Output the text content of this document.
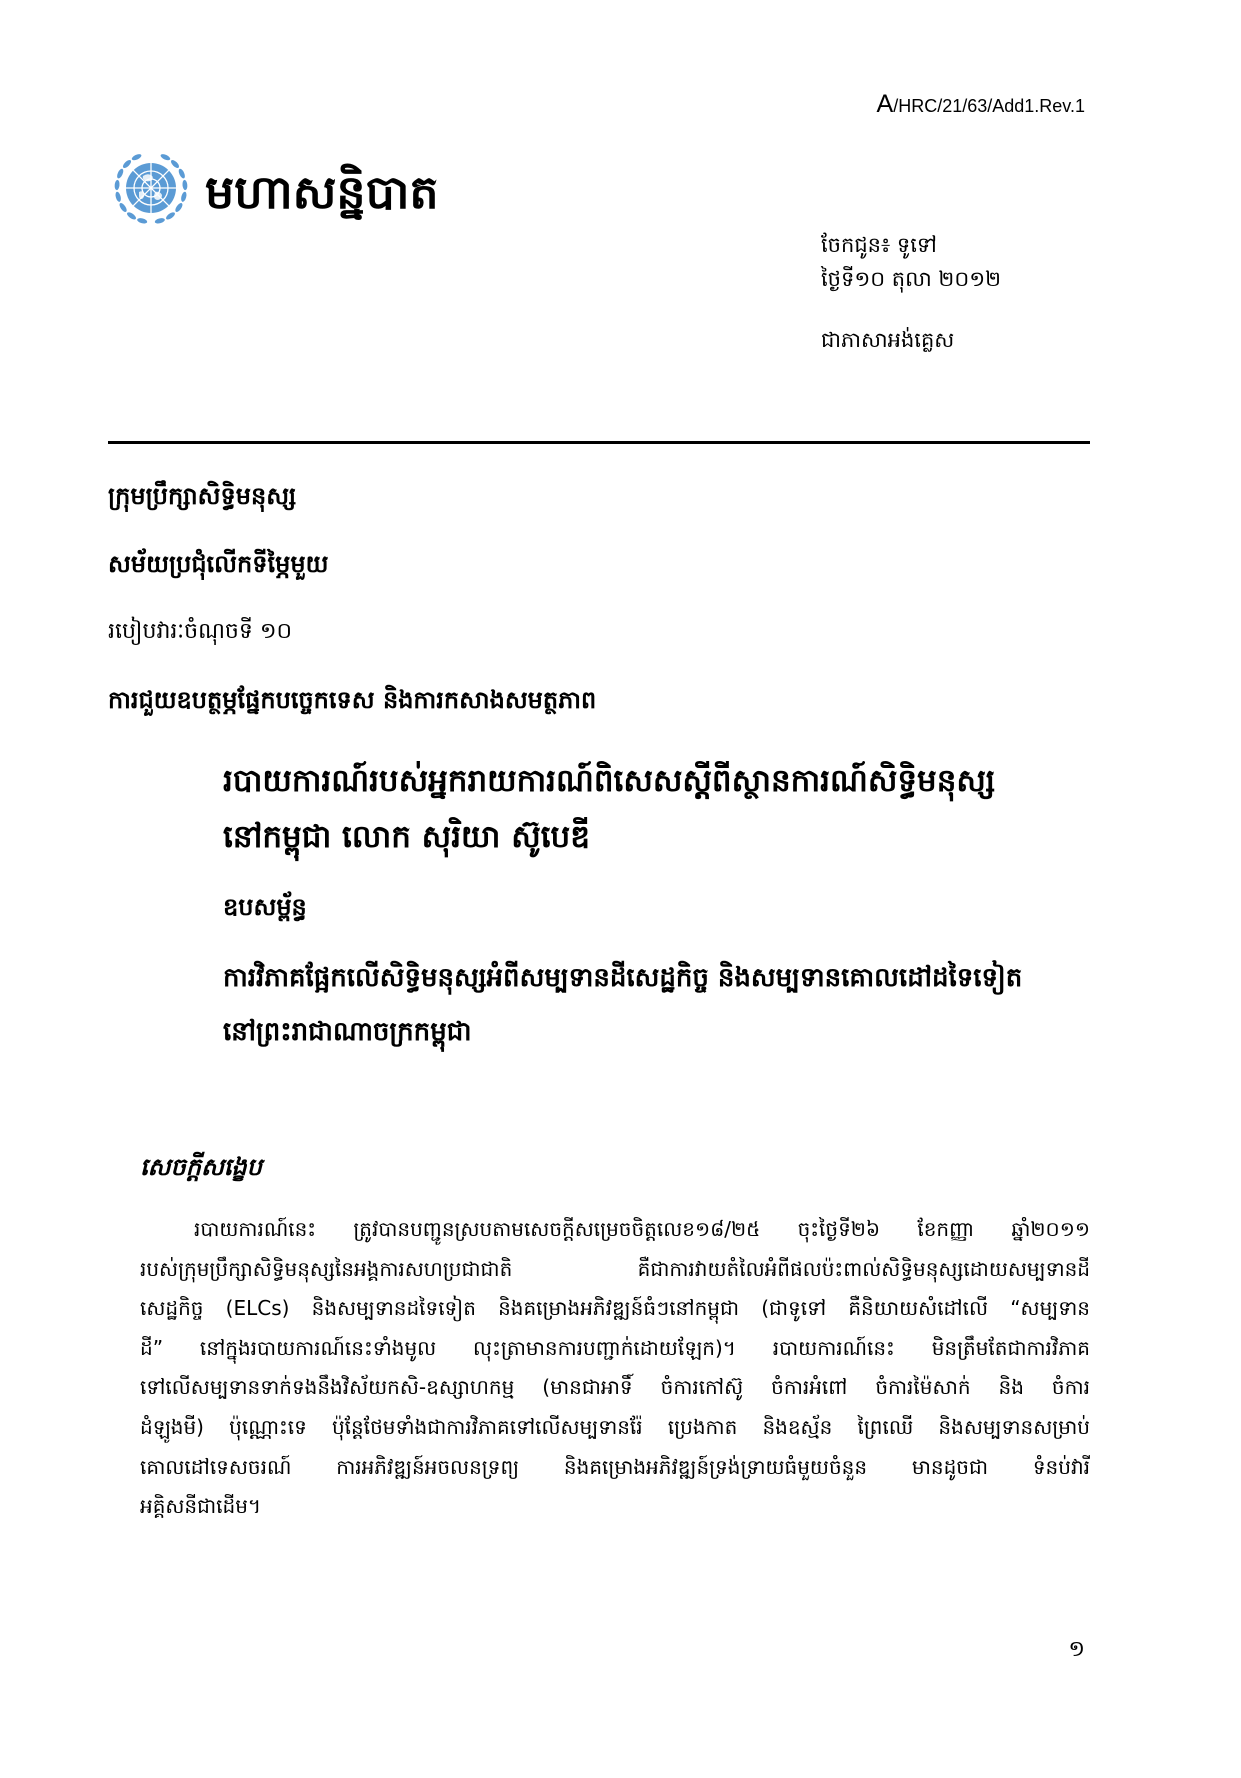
A/HRC/21/63/Add1.Rev.1
មហាសន្និបាត
ចែកជូន៖ ទូទៅ
ថ្ងៃទី១០ តុលា ២០១២
ជាភាសាអង់គ្លេស
ក្រុមប្រឹក្សាសិទ្ធិមនុស្ស
សម័យប្រជុំលើកទីម្ភៃមួយ
របៀបវារៈចំណុចទី ១០
ការជួយឧបត្ថម្ភផ្នែកបច្ចេកទេស និងការកសាងសមត្ថភាព
របាយការណ៍របស់អ្នករាយការណ៍ពិសេសស្តីពីស្ថានការណ៍សិទ្ធិមនុស្ស
នៅកម្ពុជា លោក សុរិយា ស៊ូបេឌី
ឧបសម្ព័ន្ធ
ការវិភាគផ្អែកលើសិទ្ធិមនុស្សអំពីសម្បទានដីសេដ្ឋកិច្ច និងសម្បទានគោលដៅដទៃទៀត
នៅព្រះរាជាណាចក្រកម្ពុជា
សេចក្តីសង្ខេប
របាយការណ៍នេះ ត្រូវបានបញ្ជូនស្របតាមសេចក្តីសម្រេចចិត្តលេខ១៨/២៥ ចុះថ្ងៃទី២៦ ខែកញ្ញា ឆ្នាំ២០១១
របស់ក្រុមប្រឹក្សាសិទ្ធិមនុស្សនៃអង្គការសហប្រជាជាតិ គឺជាការវាយតំលៃអំពីផលប៉ះពាល់សិទ្ធិមនុស្សដោយសម្បទានដី
សេដ្ឋកិច្ច (ELCs) និងសម្បទានដទៃទៀត និងគម្រោងអភិវឌ្ឍន៍ធំៗនៅកម្ពុជា (ជាទូទៅ គឺនិយាយសំដៅលើ “សម្បទាន
ដី” នៅក្នុងរបាយការណ៍នេះទាំងមូល លុះត្រាមានការបញ្ជាក់ដោយឡែក)។ របាយការណ៍នេះ មិនត្រឹមតែជាការវិភាគ
ទៅលើសម្បទានទាក់ទងនឹងវិស័យកសិ-ឧស្សាហកម្ម (មានជាអាទិ៍ ចំការកៅស៊ូ ចំការអំពៅ ចំការម៉ៃសាក់ និង ចំការ
ដំឡូងមី) ប៉ុណ្ណោះទេ ប៉ុន្តែថែមទាំងជាការវិភាគទៅលើសម្បទានរ៉ែ ប្រេងកាត និងឧស្ម័ន ព្រៃឈើ និងសម្បទានសម្រាប់
គោលដៅទេសចរណ៍ ការអភិវឌ្ឍន៍អចលនទ្រព្យ និងគម្រោងអភិវឌ្ឍន៍ទ្រង់ទ្រាយធំមួយចំនួន មានដូចជា ទំនប់វារី
អគ្គិសនីជាដើម។
១
